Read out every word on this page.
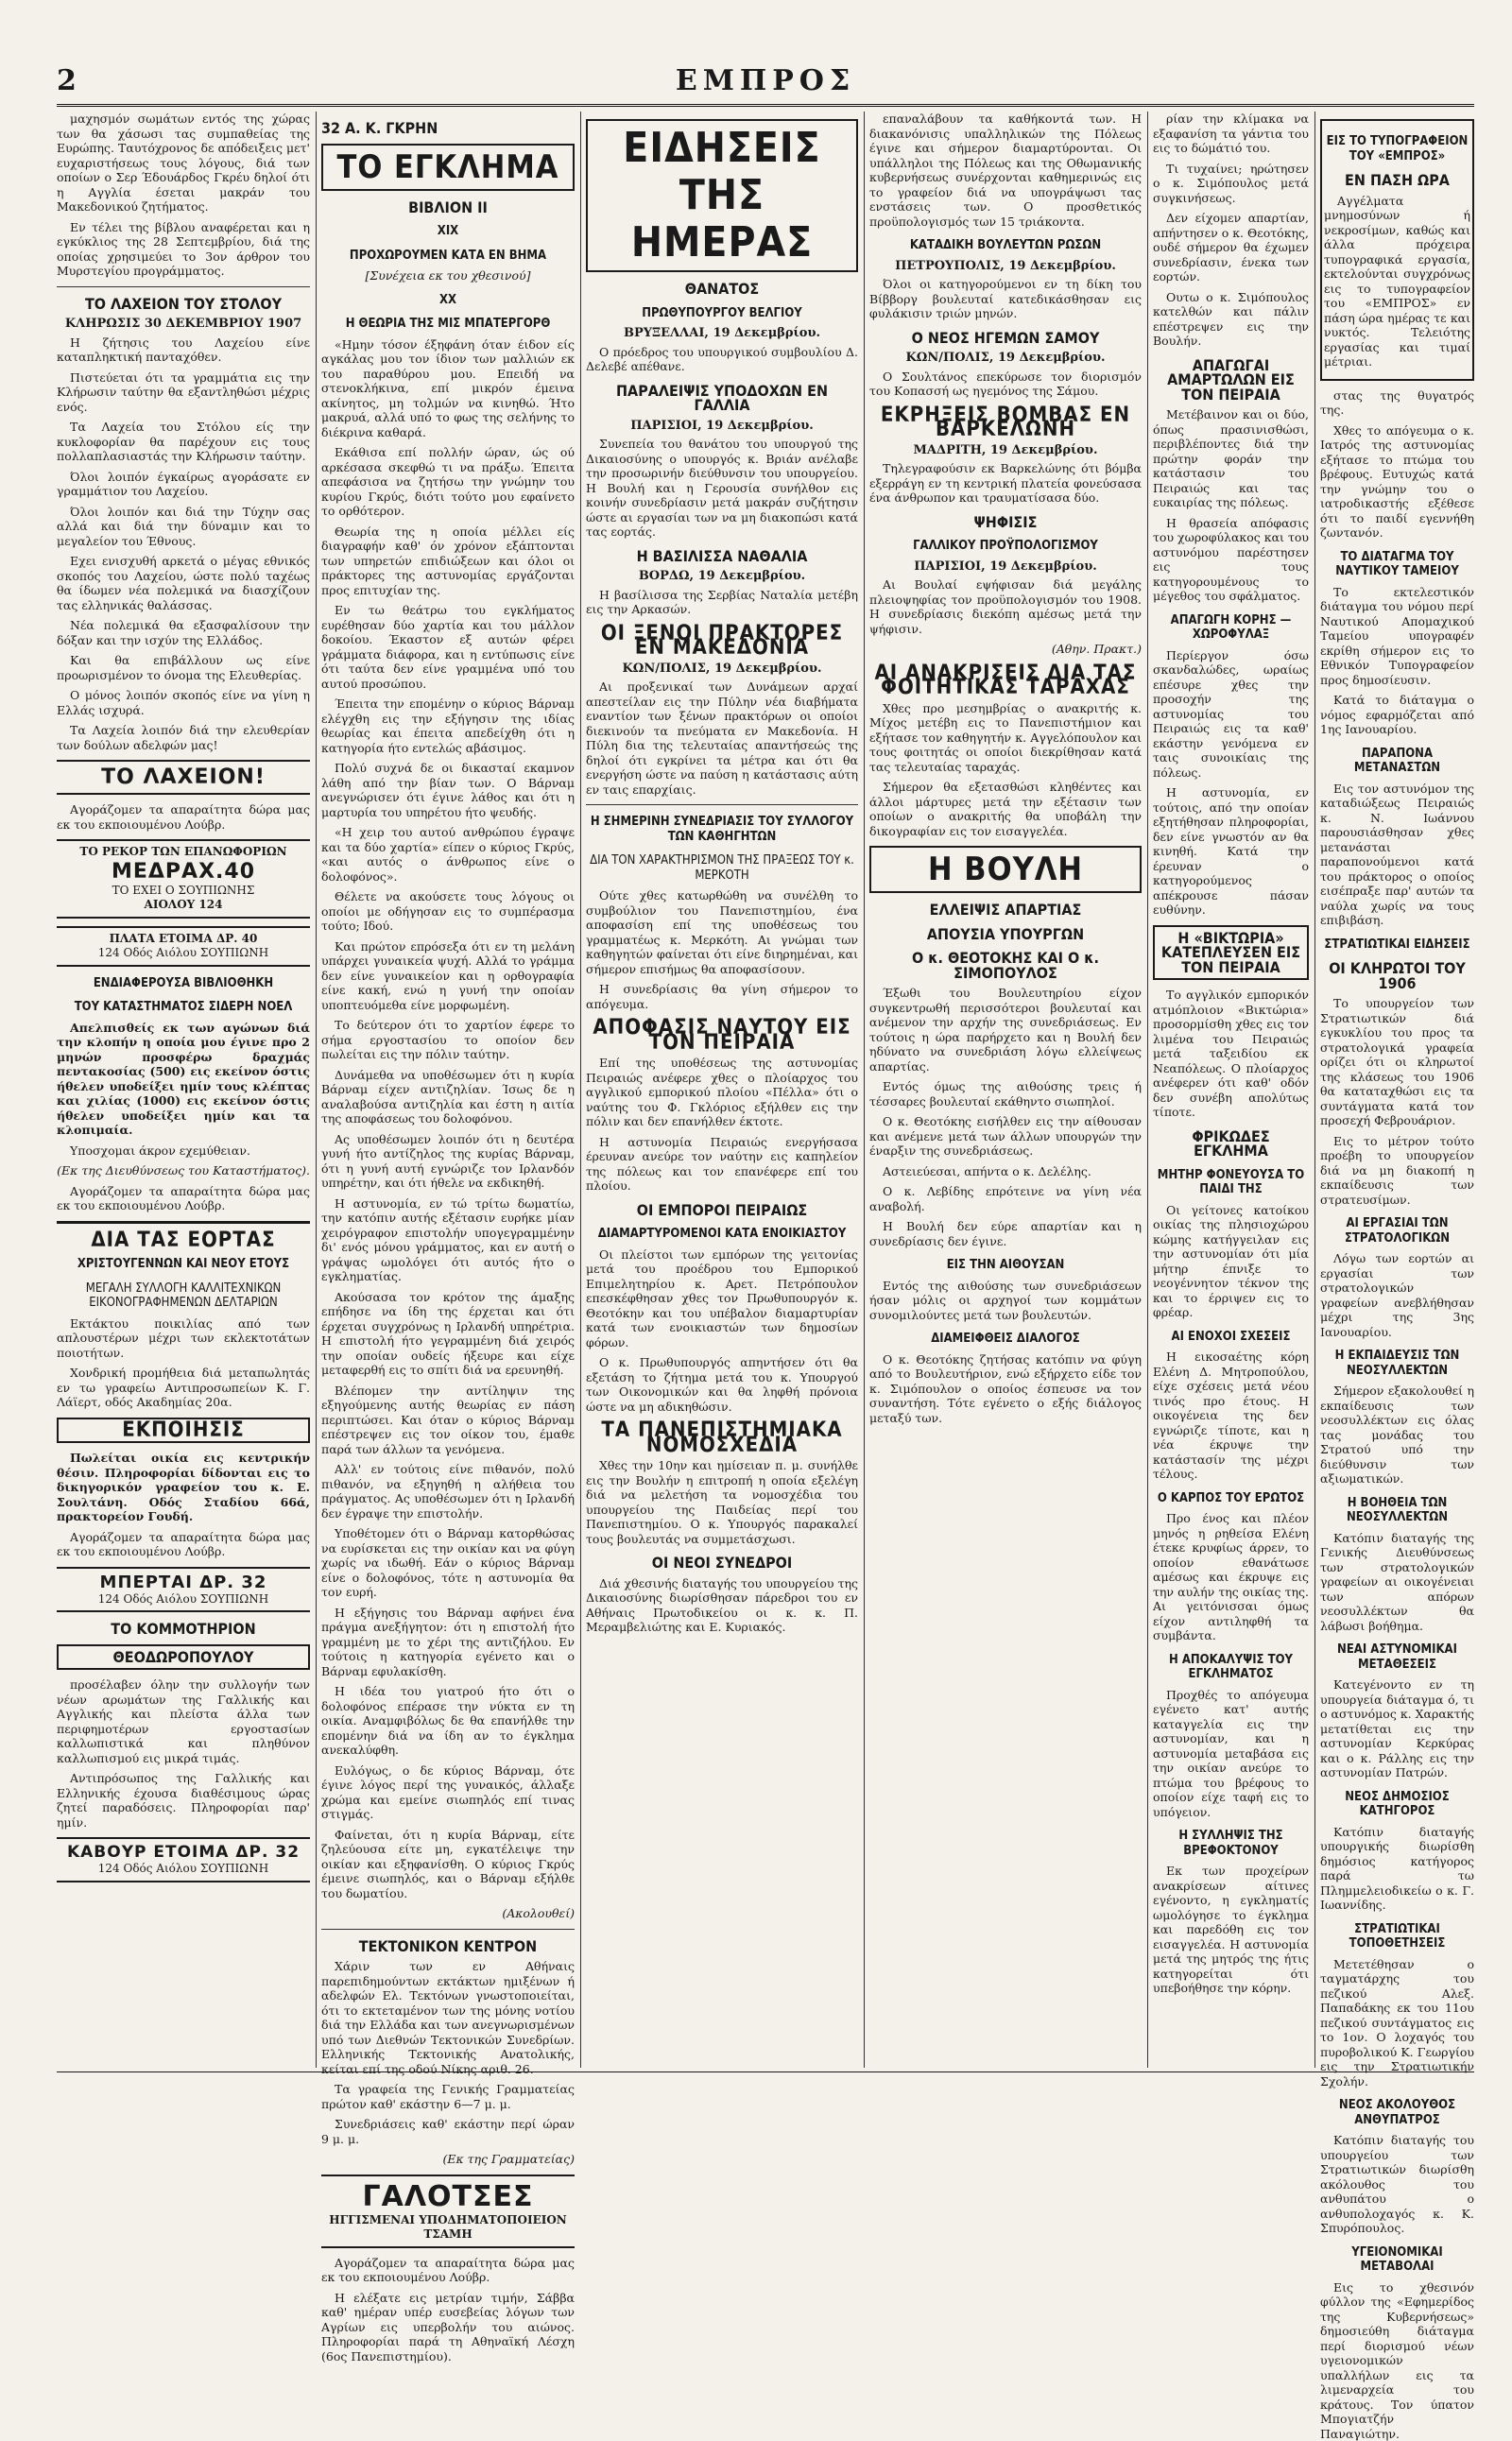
2	ΕΜΠΡΟΣ

μαχησμόν σωμάτων εντός της χώρας των θα χάσωσι τας συμπαθείας της Ευρώπης. Ταυτόχρονος δε απόδειξεις μετ' ευχαριστήσεως τους λόγους, διά των οποίων ο Σερ Έδουάρδος Γκρέυ δηλοί ότι η Αγγλία έσεται μακράν του Μακεδονικού ζητήματος.

Εν τέλει της βίβλου αναφέρεται και η εγκύκλιος της 28 Σεπτεμβρίου, διά της οποίας χρησιμεύει το 3ον άρθρον του Μυρστεγίου προγράμματος.

ΤΟ ΛΑΧΕΙΟΝ ΤΟΥ ΣΤΟΛΟΥ
ΚΛΗΡΩΣΙΣ 30 ΔΕΚΕΜΒΡΙΟΥ 1907

Η ζήτησις του Λαχείου είνε καταπληκτική πανταχόθεν.

Πιστεύεται ότι τα γραμμάτια εις την Κλήρωσιν ταύτην θα εξαντληθώσι μέχρις ενός.

Τα Λαχεία του Στόλου είς την κυκλοφορίαν θα παρέχουν εις τους πολλαπλασιαστάς την Κλήρωσιν ταύτην.

Όλοι λοιπόν έγκαίρως αγοράσατε εν γραμμάτιον του Λαχείου.

Όλοι λοιπόν και διά την Τύχην σας αλλά και διά την δύναμιν και το μεγαλείον του Έθνους.

Εχει ενισχυθή αρκετά ο μέγας εθνικός σκοπός του Λαχείου, ώστε πολύ ταχέως θα ίδωμεν νέα πολεμικά να διασχίζουν τας ελληνικάς θαλάσσας.

Νέα πολεμικά θα εξασφαλίσουν την δόξαν και την ισχύν της Ελλάδος.

Και θα επιβάλλουν ως είνε προωρισμένον το όνομα της Ελευθερίας.

Ο μόνος λοιπόν σκοπός είνε να γίνη η Ελλάς ισχυρά.

Τα Λαχεία λοιπόν διά την ελευθερίαν των δούλων αδελφών μας!

ΤΟ ΛΑΧΕΙΟΝ!

Αγοράζομεν τα απαραίτητα δώρα μας εκ του εκποιουμένου Λούβρ.

ΤΟ ΡΕΚΟΡ ΤΩΝ ΕΠΑΝΩΦΟΡΙΩΝ
ΜΕΔΡΑΧ.40
ΤΟ ΕΧΕΙ Ο ΣΟΥΠΙΩΝΗΣ
ΑΙΟΛΟΥ 124
ΠΛΑΤΑ ΕΤΟΙΜΑ ΔΡ. 40
124 Οδός Αιόλου ΣΟΥΠΙΩΝΗ
ΕΝΔΙΑΦΕΡΟΥΣΑ ΒΙΒΛΙΟΘΗΚΗ
ΤΟΥ ΚΑΤΑΣΤΗΜΑΤΟΣ ΣΙΔΕΡΗ ΝΟΕΛ

Απελπισθείς εκ των αγώνων διά την κλοπήν η οποία μου έγινε προ 2 μηνών προσφέρω δραχμάς πεντακοσίας (500) εις εκείνον όστις ήθελεν υποδείξει ημίν τους κλέπτας και χιλίας (1000) εις εκείνον όστις ήθελεν υποδείξει ημίν και τα κλοπιμαία.

Υποσχομαι άκρον εχεμύθειαν.

(Εκ της Διευθύνσεως του Καταστήματος).

Αγοράζομεν τα απαραίτητα δώρα μας εκ του εκποιουμένου Λούβρ.

ΔΙΑ ΤΑΣ ΕΟΡΤΑΣ
ΧΡΙΣΤΟΥΓΕΝΝΩΝ ΚΑΙ ΝΕΟΥ ΕΤΟΥΣ
ΜΕΓΑΛΗ ΣΥΛΛΟΓΗ ΚΑΛΛΙΤΕΧΝΙΚΩΝ ΕΙΚΟΝΟΓΡΑΦΗΜΕΝΩΝ ΔΕΛΤΑΡΙΩΝ

Εκτάκτου ποικιλίας από των απλουστέρων μέχρι των εκλεκτοτάτων ποιοτήτων.

Χονδρική προμήθεια διά μεταπωλητάς εν τω γραφείω Αντιπροσωπείων Κ. Γ. Λάϊερτ, οδός Ακαδημίας 20α.

ΕΚΠΟΙΗΣΙΣ

Πωλείται οικία εις κεντρικήν θέσιν. Πληροφορίαι δίδονται εις το δικηγορικόν γραφείον του κ. Ε. Σουλτάνη. Οδός Σταδίου 66ά, πρακτορείον Γουδή.

Αγοράζομεν τα απαραίτητα δώρα μας εκ του εκποιουμένου Λούβρ.

ΜΠΕΡΤΑΙ ΔΡ. 32
124 Οδός Αιόλου ΣΟΥΠΙΩΝΗ
ΤΟ ΚΟΜΜΟΤΗΡΙΟΝ
ΘΕΟΔΩΡΟΠΟΥΛΟΥ

προσέλαβεν όλην την συλλογήν των νέων αρωμάτων της Γαλλικής και Αγγλικής και πλείστα άλλα των περιφημοτέρων εργοστασίων καλλωπιστικά και πληθύνον καλλωπισμού εις μικρά τιμάς.

Αντιπρόσωπος της Γαλλικής και Ελληνικής έχουσα διαθέσιμους ώρας ζητεί παραδόσεις. Πληροφορίαι παρ' ημίν.

ΚΑΒΟΥΡ ΕΤΟΙΜΑ ΔΡ. 32
124 Οδός Αιόλου ΣΟΥΠΙΩΝΗ
32 Α. Κ. ΓΚΡΗΝ
ΤΟ ΕΓΚΛΗΜΑ
ΒΙΒΛΙΟΝ II
XIX
ΠΡΟΧΩΡΟΥΜΕΝ ΚΑΤΑ ΕΝ ΒΗΜΑ
[Συνέχεια εκ του χθεσινού]
XX
Η ΘΕΩΡΙΑ ΤΗΣ ΜΙΣ ΜΠΑΤΕΡΓΟΡΘ

«Ημην τόσον έξηφάνη όταν έιδον είς αγκάλας μου τον ίδιον των μαλλιών εκ του παραθύρου μου. Επειδή να στενοκλήκινα, επί μικρόν έμεινα ακίνητος, μη τολμών να κινηθώ. Ήτο μακρυά, αλλά υπό το φως της σελήνης το διέκρινα καθαρά.

Εκάθισα επί πολλήν ώραν, ώς ού αρκέσασα σκεφθώ τι να πράξω. Έπειτα απεφάσισα να ζητήσω την γνώμην του κυρίου Γκρύς, διότι τούτο μου εφαίνετο το ορθότερον.

Θεωρία της η οποία μέλλει είς διαγραφήν καθ' όν χρόνον εξάπτονται των υπηρετών επιδιώξεων και όλοι οι πράκτορες της αστυνομίας εργάζονται προς επιτυχίαν της.

Εν τω θεάτρω του εγκλήματος ευρέθησαν δύο χαρτία και του μάλλον δοκοίου. Έκαστον εξ αυτών φέρει γράμματα διάφορα, και η εντύπωσις είνε ότι ταύτα δεν είνε γραμμένα υπό του αυτού προσώπου.

Έπειτα την επομένην ο κύριος Βάρναμ ελέγχθη εις την εξήγησιν της ιδίας θεωρίας και έπειτα απεδείχθη ότι η κατηγορία ήτο εντελώς αβάσιμος.

Πολύ συχνά δε οι δικασταί εκαμνον λάθη από την βίαν των. Ο Βάρναμ ανεγνώρισεν ότι έγινε λάθος και ότι η μαρτυρία του υπηρέτου ήτο ψευδής.

«Η χειρ του αυτού ανθρώπου έγραψε και τα δύο χαρτία» είπεν ο κύριος Γκρύς, «και αυτός ο άνθρωπος είνε ο δολοφόνος».

Θέλετε να ακούσετε τους λόγους οι οποίοι με οδήγησαν εις το συμπέρασμα τούτο; Ιδού.

Και πρώτον επρόσεξα ότι εν τη μελάνη υπάρχει γυναικεία ψυχή. Αλλά το γράμμα δεν είνε γυναικείον και η ορθογραφία είνε κακή, ενώ η γυνή την οποίαν υποπτευόμεθα είνε μορφωμένη.

Το δεύτερον ότι το χαρτίον έφερε το σήμα εργοστασίου το οποίον δεν πωλείται εις την πόλιν ταύτην.

Δυνάμεθα να υποθέσωμεν ότι η κυρία Βάρναμ είχεν αντιζηλίαν. Ίσως δε η αναλαβούσα αντιζηλία και έστη η αιτία της αποφάσεως του δολοφόνου.

Ας υποθέσωμεν λοιπόν ότι η δευτέρα γυνή ήτο αντίζηλος της κυρίας Βάρναμ, ότι η γυνή αυτή εγνώριζε τον Ιρλανδόν υπηρέτην, και ότι ήθελε να εκδικηθή.

Η αστυνομία, εν τώ τρίτω δωματίω, την κατόπιν αυτής εξέτασιν ευρήκε μίαν χειρόγραφον επιστολήν υπογεγραμμένην δι' ενός μόνου γράμματος, και εν αυτή ο γράψας ωμολόγει ότι αυτός ήτο ο εγκληματίας.

Ακούσασα τον κρότον της άμαξης επήδησε να ίδη της έρχεται και ότι έρχεται συγχρόνως η Ιρλανδή υπηρέτρια. Η επιστολή ήτο γεγραμμένη διά χειρός την οποίαν ουδείς ήξευρε και είχε μεταφερθή εις το σπίτι διά να ερευνηθή.

Βλέπομεν την αντίληψιν της εξηγούμενης αυτής θεωρίας εν πάση περιπτώσει. Και όταν ο κύριος Βάρναμ επέστρεψεν εις τον οίκον του, έμαθε παρά των άλλων τα γενόμενα.

Αλλ' εν τούτοις είνε πιθανόν, πολύ πιθανόν, να εξηγηθή η αλήθεια του πράγματος. Ας υποθέσωμεν ότι η Ιρλανδή δεν έγραψε την επιστολήν.

Υποθέτομεν ότι ο Βάρναμ κατορθώσας να ευρίσκεται εις την οικίαν και να φύγη χωρίς να ιδωθή. Εάν ο κύριος Βάρναμ είνε ο δολοφόνος, τότε η αστυνομία θα τον ευρή.

Η εξήγησις του Βάρναμ αφήνει ένα πράγμα ανεξήγητον: ότι η επιστολή ήτο γραμμένη με το χέρι της αντιζήλου. Εν τούτοις η κατηγορία εγένετο και ο Βάρναμ εφυλακίσθη.

Η ιδέα του γιατρού ήτο ότι ο δολοφόνος επέρασε την νύκτα εν τη οικία. Αναμφιβόλως δε θα επανήλθε την επομένην διά να ίδη αν το έγκλημα ανεκαλύφθη.

Ευλόγως, ο δε κύριος Βάρναμ, ότε έγινε λόγος περί της γυναικός, άλλαξε χρώμα και εμείνε σιωπηλός επί τινας στιγμάς.

Φαίνεται, ότι η κυρία Βάρναμ, είτε ζηλεύουσα είτε μη, εγκατέλειψε την οικίαν και εξηφανίσθη. Ο κύριος Γκρύς έμεινε σιωπηλός, και ο Βάρναμ εξήλθε του δωματίου.

(Ακολουθεί)
ΤΕΚΤΟΝΙΚΟΝ ΚΕΝΤΡΟΝ

Χάριν των εν Αθήναις παρεπιδημούντων εκτάκτων ημιξένων ή αδελφών Ελ. Τεκτόνων γνωστοποιείται, ότι το εκτεταμένον των της μόνης νοτίου διά την Ελλάδα και των ανεγνωρισμένων υπό των Διεθνών Τεκτονικών Συνεδρίων. Ελληνικής Τεκτονικής Ανατολικής, κείται επί της οδού Νίκης αριθ. 26.

Τα γραφεία της Γενικής Γραμματείας πρώτον καθ' εκάστην 6—7 μ. μ.

Συνεδριάσεις καθ' εκάστην περί ώραν 9 μ. μ.

(Εκ της Γραμματείας)
ΓΑΛΟΤΣΕΣ
ΗΓΓΙΣΜΕΝΑΙ ΥΠΟΔΗΜΑΤΟΠΟΙΕΙΟΝ ΤΣΑΜΗ

Αγοράζομεν τα απαραίτητα δώρα μας εκ του εκποιουμένου Λούβρ.

Η ελέξατε εις μετρίαν τιμήν, Σάββα καθ' ημέραν υπέρ ευσεβείας λόγων των Αγρίων εις υπερβολήν του αιώνος. Πληροφορίαι παρά τη Αθηναϊκή Λέσχη (6ος Πανεπιστημίου).

ΕΙΔΗΣΕΙΣ ΤΗΣ ΗΜΕΡΑΣ
ΘΑΝΑΤΟΣ
ΠΡΩΘΥΠΟΥΡΓΟΥ ΒΕΛΓΙΟΥ
ΒΡΥΞΕΛΛΑΙ, 19 Δεκεμβρίου.

Ο πρόεδρος του υπουργικού συμβουλίου Δ. Δελεβέ απέθανε.

ΠΑΡΑΛΕΙΨΙΣ ΥΠΟΔΟΧΩΝ ΕΝ ΓΑΛΛΙΑ
ΠΑΡΙΣΙΟΙ, 19 Δεκεμβρίου.

Συνεπεία του θανάτου του υπουργού της Δικαιοσύνης ο υπουργός κ. Βριάν ανέλαβε την προσωρινήν διεύθυνσιν του υπουργείου. Η Βουλή και η Γερουσία συνήλθον εις κοινήν συνεδρίασιν μετά μακράν συζήτησιν ώστε αι εργασίαι των να μη διακοπώσι κατά τας εορτάς.

Η ΒΑΣΙΛΙΣΣΑ ΝΑΘΑΛΙΑ
ΒΟΡΔΩ, 19 Δεκεμβρίου.

Η βασίλισσα της Σερβίας Ναταλία μετέβη εις την Αρκασών.

ΟΙ ΞΕΝΟΙ ΠΡΑΚΤΟΡΕΣ ΕΝ ΜΑΚΕΔΟΝΙΑ
ΚΩΝ/ΠΟΛΙΣ, 19 Δεκεμβρίου.

Αι προξενικαί των Δυνάμεων αρχαί απεστείλαν εις την Πύλην νέα διαβήματα εναντίον των ξένων πρακτόρων οι οποίοι διεκινούν τα πνεύματα εν Μακεδονία. Η Πύλη δια της τελευταίας απαντήσεώς της δηλοί ότι εγκρίνει τα μέτρα και ότι θα ενεργήση ώστε να παύση η κατάστασις αύτη εν ταις επαρχίαις.

Η ΣΗΜΕΡΙΝΗ ΣΥΝΕΔΡΙΑΣΙΣ ΤΟΥ ΣΥΛΛΟΓΟΥ ΤΩΝ ΚΑΘΗΓΗΤΩΝ
ΔΙΑ ΤΟΝ ΧΑΡΑΚΤΗΡΙΣΜΟΝ ΤΗΣ ΠΡΑΞΕΩΣ ΤΟΥ κ. ΜΕΡΚΟΤΗ

Ούτε χθες κατωρθώθη να συνέλθη το συμβούλιον του Πανεπιστημίου, ένα αποφασίση επί της υποθέσεως του γραμματέως κ. Μερκότη. Αι γνώμαι των καθηγητών φαίνεται ότι είνε διηρημέναι, και σήμερον επισήμως θα αποφασίσουν.

Η συνεδρίασις θα γίνη σήμερον το απόγευμα.

ΑΠΟΦΑΣΙΣ ΝΑΥΤΟΥ ΕΙΣ ΤΟΝ ΠΕΙΡΑΙΑ

Επί της υποθέσεως της αστυνομίας Πειραιώς ανέφερε χθες ο πλοίαρχος του αγγλικού εμπορικού πλοίου «Πέλλα» ότι ο ναύτης του Φ. Γκλόριος εξήλθεν εις την πόλιν και δεν επανήλθεν έκτοτε.

Η αστυνομία Πειραιώς ενεργήσασα έρευναν ανεύρε τον ναύτην εις καπηλείον της πόλεως και τον επανέφερε επί του πλοίου.

ΟΙ ΕΜΠΟΡΟΙ ΠΕΙΡΑΙΩΣ
ΔΙΑΜΑΡΤΥΡΟΜΕΝΟΙ ΚΑΤΑ ΕΝΟΙΚΙΑΣΤΟΥ

Οι πλείστοι των εμπόρων της γειτονίας μετά του προέδρου του Εμπορικού Επιμελητηρίου κ. Αρετ. Πετρόπουλον επεσκέφθησαν χθες τον Πρωθυπουργόν κ. Θεοτόκην και του υπέβαλον διαμαρτυρίαν κατά των ενοικιαστών των δημοσίων φόρων.

Ο κ. Πρωθυπουργός απηντήσεν ότι θα εξετάση το ζήτημα μετά του κ. Υπουργού των Οικονομικών και θα ληφθή πρόνοια ώστε να μη αδικηθώσιν.

ΤΑ ΠΑΝΕΠΙΣΤΗΜΙΑΚΑ ΝΟΜΟΣΧΕΔΙΑ

Χθες την 10ην και ημίσειαν π. μ. συνήλθε εις την Βουλήν η επιτροπή η οποία εξελέγη διά να μελετήση τα νομοσχέδια του υπουργείου της Παιδείας περί του Πανεπιστημίου. Ο κ. Υπουργός παρακαλεί τους βουλευτάς να συμμετάσχωσι.

ΟΙ ΝΕΟΙ ΣΥΝΕΔΡΟΙ

Διά χθεσινής διαταγής του υπουργείου της Δικαιοσύνης διωρίσθησαν πάρεδροι του εν Αθήναις Πρωτοδικείου οι κ. κ. Π. Μεραμβελιώτης και Ε. Κυριακός.

επαναλάβουν τα καθήκοντά των. Η διακανόνισις υπαλληλικών της Πόλεως έγινε και σήμερον διαμαρτύρονται. Οι υπάλληλοι της Πόλεως και της Οθωμανικής κυβερνήσεως συνέρχονται καθημερινώς εις το γραφείον διά να υπογράψωσι τας ενστάσεις των. Ο προσθετικός προϋπολογισμός των 15 τριάκοντα.

ΚΑΤΑΔΙΚΗ ΒΟΥΛΕΥΤΩΝ ΡΩΣΩΝ
ΠΕΤΡΟΥΠΟΛΙΣ, 19 Δεκεμβρίου.

Όλοι οι κατηγορούμενοι εν τη δίκη του Βίββοργ βουλευταί κατεδικάσθησαν εις φυλάκισιν τριών μηνών.

Ο ΝΕΟΣ ΗΓΕΜΩΝ ΣΑΜΟΥ
ΚΩΝ/ΠΟΛΙΣ, 19 Δεκεμβρίου.

Ο Σουλτάνος επεκύρωσε τον διορισμόν του Κοπασσή ως ηγεμόνος της Σάμου.

ΕΚΡΗΞΕΙΣ ΒΟΜΒΑΣ ΕΝ ΒΑΡΚΕΛΩΝΗ
ΜΑΔΡΙΤΗ, 19 Δεκεμβρίου.

Τηλεγραφούσιν εκ Βαρκελώνης ότι βόμβα εξερράγη εν τη κεντρική πλατεία φονεύσασα ένα άνθρωπον και τραυματίσασα δύο.

ΨΗΦΙΣΙΣ
ΓΑΛΛΙΚΟΥ ΠΡΟΫΠΟΛΟΓΙΣΜΟΥ
ΠΑΡΙΣΙΟΙ, 19 Δεκεμβρίου.

Αι Βουλαί εψήφισαν διά μεγάλης πλειοψηφίας τον προϋπολογισμόν του 1908. Η συνεδρίασις διεκόπη αμέσως μετά την ψήφισιν.

(Αθην. Πρακτ.)
ΑΙ ΑΝΑΚΡΙΣΕΙΣ ΔΙΑ ΤΑΣ ΦΟΙΤΗΤΙΚΑΣ ΤΑΡΑΧΑΣ

Χθες προ μεσημβρίας ο ανακριτής κ. Μίχος μετέβη εις το Πανεπιστήμιον και εξήτασε τον καθηγητήν κ. Αγγελόπουλον και τους φοιτητάς οι οποίοι διεκρίθησαν κατά τας τελευταίας ταραχάς.

Σήμερον θα εξετασθώσι κληθέντες και άλλοι μάρτυρες μετά την εξέτασιν των οποίων ο ανακριτής θα υποβάλη την δικογραφίαν εις τον εισαγγελέα.

Η ΒΟΥΛΗ
ΕΛΛΕΙΨΙΣ ΑΠΑΡΤΙΑΣ
ΑΠΟΥΣΙΑ ΥΠΟΥΡΓΩΝ
Ο κ. ΘΕΟΤΟΚΗΣ ΚΑΙ Ο κ. ΣΙΜΟΠΟΥΛΟΣ

Έξωθι του Βουλευτηρίου είχον συγκεντρωθή περισσότεροι βουλευταί και ανέμενον την αρχήν της συνεδριάσεως. Εν τούτοις η ώρα παρήρχετο και η Βουλή δεν ηδύνατο να συνεδριάση λόγω ελλείψεως απαρτίας.

Εντός όμως της αιθούσης τρεις ή τέσσαρες βουλευταί εκάθηντο σιωπηλοί.

Ο κ. Θεοτόκης εισήλθεν εις την αίθουσαν και ανέμενε μετά των άλλων υπουργών την έναρξιν της συνεδριάσεως.

Αστειεύεσαι, απήντα ο κ. Δελέλης.

Ο κ. Λεβίδης επρότεινε να γίνη νέα αναβολή.

Η Βουλή δεν εύρε απαρτίαν και η συνεδρίασις δεν έγινε.

ΕΙΣ ΤΗΝ ΑΙΘΟΥΣΑΝ

Εντός της αιθούσης των συνεδριάσεων ήσαν μόλις οι αρχηγοί των κομμάτων συνομιλούντες μετά των βουλευτών.

ΔΙΑΜΕΙΦΘΕΙΣ ΔΙΑΛΟΓΟΣ

Ο κ. Θεοτόκης ζητήσας κατόπιν να φύγη από το Βουλευτήριον, ενώ εξήρχετο είδε τον κ. Σιμόπουλον ο οποίος έσπευσε να τον συναντήση. Τότε εγένετο ο εξής διάλογος μεταξύ των.

ρίαν την κλίμακα να εξαφανίση τα γάντια του εις το δώμάτιό του.

Τι τυχαίνει; ηρώτησεν ο κ. Σιμόπουλος μετά συγκινήσεως.

Δεν είχομεν απαρτίαν, απήντησεν ο κ. Θεοτόκης, ουδέ σήμερον θα έχωμεν συνεδρίασιν, ένεκα των εορτών.

Ουτω ο κ. Σιμόπουλος κατελθών και πάλιν επέστρεψεν εις την Βουλήν.

ΑΠΑΓΩΓΑΙ ΑΜΑΡΤΩΛΩΝ ΕΙΣ ΤΟΝ ΠΕΙΡΑΙΑ

Μετέβαινον και οι δύο, όπως πρασινισθώσι, περιβλέποντες διά την πρώτην φοράν την κατάστασιν του Πειραιώς και τας ευκαιρίας της πόλεως.

Η θρασεία απόφασις του χωροφύλακος και του αστυνόμου παρέστησεν εις τους κατηγορουμένους το μέγεθος του σφάλματος.

ΑΠΑΓΩΓΗ ΚΟΡΗΣ — ΧΩΡΟΦΥΛΑΞ

Περίεργον όσω σκανδαλώδες, ωραίως επέσυρε χθες την προσοχήν της αστυνομίας του Πειραιώς εις τα καθ' εκάστην γενόμενα εν ταις συνοικίαις της πόλεως.

Η αστυνομία, εν τούτοις, από την οποίαν εξητήθησαν πληροφορίαι, δεν είνε γνωστόν αν θα κινηθή. Κατά την έρευναν ο κατηγορούμενος απέκρουσε πάσαν ευθύνην.

Η «ΒΙΚΤΩΡΙΑ» ΚΑΤΕΠΛΕΥΣΕΝ ΕΙΣ ΤΟΝ ΠΕΙΡΑΙΑ

Το αγγλικόν εμπορικόν ατμόπλοιον «Βικτώρια» προσορμίσθη χθες εις τον λιμένα του Πειραιώς μετά ταξειδίου εκ Νεαπόλεως. Ο πλοίαρχος ανέφερεν ότι καθ' οδόν δεν συνέβη απολύτως τίποτε.

ΦΡΙΚΩΔΕΣ ΕΓΚΛΗΜΑ
ΜΗΤΗΡ ΦΟΝΕΥΟΥΣΑ ΤΟ ΠΑΙΔΙ ΤΗΣ

Οι γείτονες κατοίκου οικίας της πλησιοχώρου κώμης κατήγγειλαν εις την αστυνομίαν ότι μία μήτηρ έπνιξε το νεογέννητον τέκνον της και το έρριψεν εις το φρέαρ.

ΑΙ ΕΝΟΧΟΙ ΣΧΕΣΕΙΣ

Η εικοσαέτης κόρη Ελένη Δ. Μητροπούλου, είχε σχέσεις μετά νέου τινός προ έτους. Η οικογένεια της δεν εγνώριζε τίποτε, και η νέα έκρυψε την κατάστασίν της μέχρι τέλους.

Ο ΚΑΡΠΟΣ ΤΟΥ ΕΡΩΤΟΣ

Προ ένος και πλέον μηνός η ρηθείσα Ελένη έτεκε κρυφίως άρρεν, το οποίον εθανάτωσε αμέσως και έκρυψε εις την αυλήν της οικίας της. Αι γειτόνισσαι όμως είχον αντιληφθή τα συμβάντα.

Η ΑΠΟΚΑΛΥΨΙΣ ΤΟΥ ΕΓΚΛΗΜΑΤΟΣ

Προχθές το απόγευμα εγένετο κατ' αυτής καταγγελία εις την αστυνομίαν, και η αστυνομία μεταβάσα εις την οικίαν ανεύρε το πτώμα του βρέφους το οποίον είχε ταφή εις το υπόγειον.

Η ΣΥΛΛΗΨΙΣ ΤΗΣ ΒΡΕΦΟΚΤΟΝΟΥ

Εκ των προχείρων ανακρίσεων αίτινες εγένοντο, η εγκληματίς ωμολόγησε το έγκλημα και παρεδόθη εις τον εισαγγελέα. Η αστυνομία μετά της μητρός της ήτις κατηγορείται ότι υπεβοήθησε την κόρην.

ΕΙΣ ΤΟ ΤΥΠΟΓΡΑΦΕΙΟΝ ΤΟΥ «ΕΜΠΡΟΣ»
ΕΝ ΠΑΣΗ ΩΡΑ

Αγγέλματα μνημοσύνων ή νεκροσίμων, καθώς και άλλα πρόχειρα τυπογραφικά εργασία, εκτελούνται συγχρόνως εις το τυπογραφείον του «ΕΜΠΡΟΣ» εν πάση ώρα ημέρας τε και νυκτός. Τελειότης εργασίας και τιμαί μέτριαι.

στας της θυγατρός της.

Χθες το απόγευμα ο κ. Ιατρός της αστυνομίας εξήτασε το πτώμα του βρέφους. Ευτυχώς κατά την γνώμην του ο ιατροδικαστής εξέθεσε ότι το παιδί εγεννήθη ζωντανόν.

ΤΟ ΔΙΑΤΑΓΜΑ ΤΟΥ ΝΑΥΤΙΚΟΥ ΤΑΜΕΙΟΥ

Το εκτελεστικόν διάταγμα του νόμου περί Ναυτικού Απομαχικού Ταμείου υπογραφέν εκρίθη σήμερον εις το Εθνικόν Τυπογραφείον προς δημοσίευσιν.

Κατά το διάταγμα ο νόμος εφαρμόζεται από 1ης Ιανουαρίου.

ΠΑΡΑΠΟΝΑ ΜΕΤΑΝΑΣΤΩΝ

Εις τον αστυνόμον της καταδιώξεως Πειραιώς κ. Ν. Ιωάννου παρουσιάσθησαν χθες μετανάσται παραπονούμενοι κατά του πράκτορος ο οποίος εισέπραξε παρ' αυτών τα ναύλα χωρίς να τους επιβιβάση.

ΣΤΡΑΤΙΩΤΙΚΑΙ ΕΙΔΗΣΕΙΣ
ΟΙ ΚΛΗΡΩΤΟΙ ΤΟΥ 1906

Το υπουργείον των Στρατιωτικών διά εγκυκλίου του προς τα στρατολογικά γραφεία ορίζει ότι οι κληρωτοί της κλάσεως του 1906 θα καταταχθώσι εις τα συντάγματα κατά τον προσεχή Φεβρουάριον.

Εις το μέτρον τούτο προέβη το υπουργείον διά να μη διακοπή η εκπαίδευσις των στρατευσίμων.

ΑΙ ΕΡΓΑΣΙΑΙ ΤΩΝ ΣΤΡΑΤΟΛΟΓΙΚΩΝ

Λόγω των εορτών αι εργασίαι των στρατολογικών γραφείων ανεβλήθησαν μέχρι της 3ης Ιανουαρίου.

Η ΕΚΠΑΙΔΕΥΣΙΣ ΤΩΝ ΝΕΟΣΥΛΛΕΚΤΩΝ

Σήμερον εξακολουθεί η εκπαίδευσις των νεοσυλλέκτων εις όλας τας μονάδας του Στρατού υπό την διεύθυνσιν των αξιωματικών.

Η ΒΟΗΘΕΙΑ ΤΩΝ ΝΕΟΣΥΛΛΕΚΤΩΝ

Κατόπιν διαταγής της Γενικής Διευθύνσεως των στρατολογικών γραφείων αι οικογένειαι των απόρων νεοσυλλέκτων θα λάβωσι βοήθημα.

ΝΕΑΙ ΑΣΤΥΝΟΜΙΚΑΙ ΜΕΤΑΘΕΣΕΙΣ

Κατεγένοντο εν τη υπουργεία διάταγμα ό, τι ο αστυνόμος κ. Χαρακτής μετατίθεται εις την αστυνομίαν Κερκύρας και ο κ. Ράλλης εις την αστυνομίαν Πατρών.

ΝΕΟΣ ΔΗΜΟΣΙΟΣ ΚΑΤΗΓΟΡΟΣ

Κατόπιν διαταγής υπουργικής διωρίσθη δημόσιος κατήγορος παρά τω Πλημμελειοδικείω ο κ. Γ. Ιωαννίδης.

ΣΤΡΑΤΙΩΤΙΚΑΙ ΤΟΠΟΘΕΤΗΣΕΙΣ

Μετετέθησαν ο ταγματάρχης του πεζικού Αλεξ. Παπαδάκης εκ του 11ου πεζικού συντάγματος εις το 1ον. Ο λοχαγός του πυροβολικού Κ. Γεωργίου εις την Στρατιωτικήν Σχολήν.

ΝΕΟΣ ΑΚΟΛΟΥΘΟΣ ΑΝΘΥΠΑΤΡΟΣ

Κατόπιν διαταγής του υπουργείου των Στρατιωτικών διωρίσθη ακόλουθος του ανθυπάτου ο ανθυπολοχαγός κ. Κ. Σπυρόπουλος.

ΥΓΕΙΟΝΟΜΙΚΑΙ ΜΕΤΑΒΟΛΑΙ

Εις το χθεσινόν φύλλον της «Εφημερίδος της Κυβερνήσεως» δημοσιεύθη διάταγμα περί διορισμού νέων υγειονομικών υπαλλήλων εις τα λιμεναρχεία του κράτους. Τον ύπατον Μπογιατζήν Παναγιώτην.
